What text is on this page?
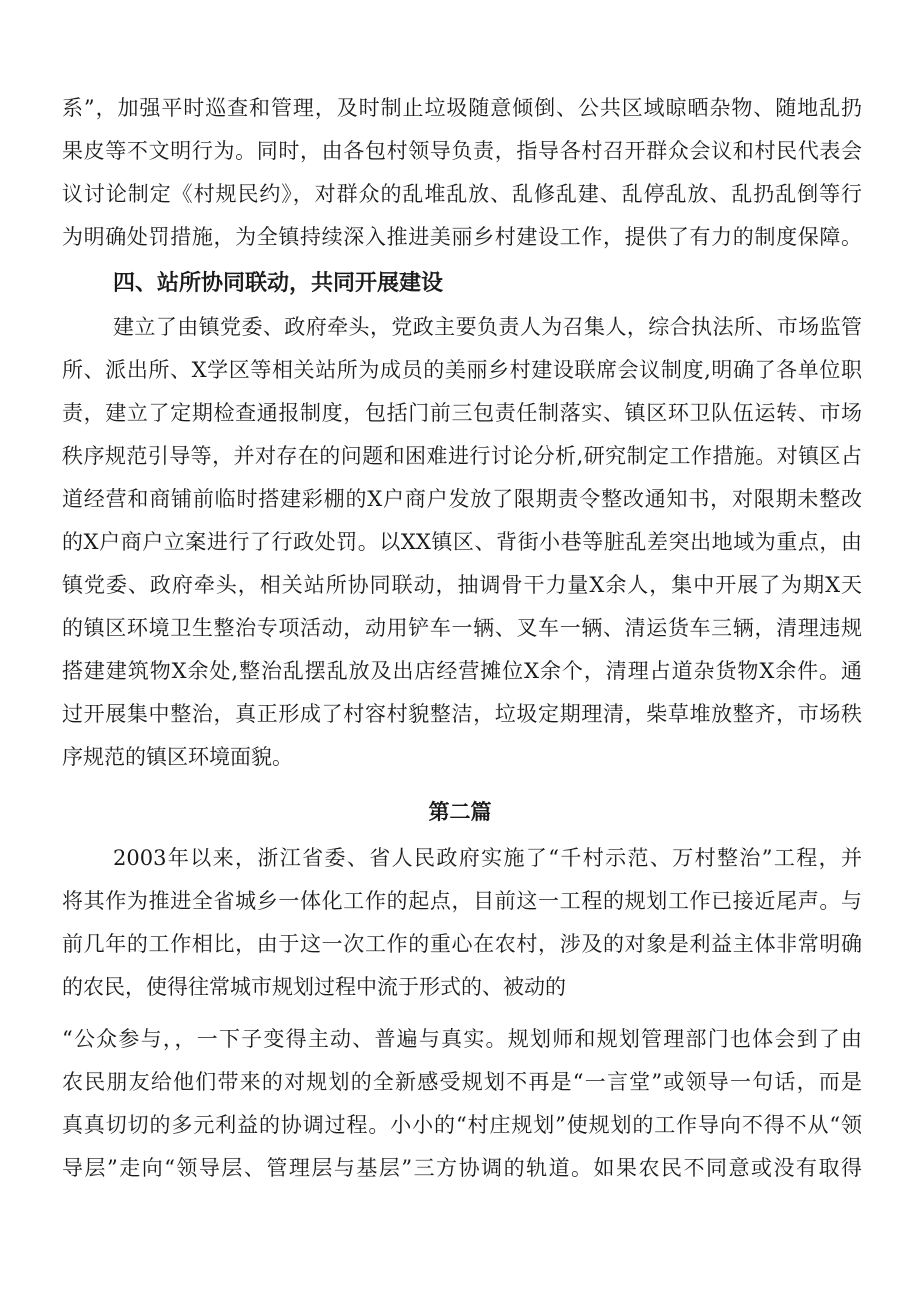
系”，加强平时巡查和管理，及时制止垃圾随意倾倒、公共区域晾晒杂物、随地乱扔
果皮等不文明行为。同时，由各包村领导负责，指导各村召开群众会议和村民代表会
议讨论制定《村规民约》，对群众的乱堆乱放、乱修乱建、乱停乱放、乱扔乱倒等行
为明确处罚措施，为全镇持续深入推进美丽乡村建设工作，提供了有力的制度保障。
四、站所协同联动，共同开展建设
建立了由镇党委、政府牵头，党政主要负责人为召集人，综合执法所、市场监管
所、派出所、X学区等相关站所为成员的美丽乡村建设联席会议制度,明确了各单位职
责，建立了定期检查通报制度，包括门前三包责任制落实、镇区环卫队伍运转、市场
秩序规范引导等，并对存在的问题和困难进行讨论分析,研究制定工作措施。对镇区占
道经营和商铺前临时搭建彩棚的X户商户发放了限期责令整改通知书，对限期未整改
的X户商户立案进行了行政处罚。以XX镇区、背街小巷等脏乱差突出地域为重点，由
镇党委、政府牵头，相关站所协同联动，抽调骨干力量X余人，集中开展了为期X天
的镇区环境卫生整治专项活动，动用铲车一辆、叉车一辆、清运货车三辆，清理违规
搭建建筑物X余处,整治乱摆乱放及出店经营摊位X余个，清理占道杂货物X余件。通
过开展集中整治，真正形成了村容村貌整洁，垃圾定期理清，柴草堆放整齐，市场秩
序规范的镇区环境面貌。
第二篇
2003年以来，浙江省委、省人民政府实施了“千村示范、万村整治”工程，并
将其作为推进全省城乡一体化工作的起点，目前这一工程的规划工作已接近尾声。与
前几年的工作相比，由于这一次工作的重心在农村，涉及的对象是利益主体非常明确
的农民，使得往常城市规划过程中流于形式的、被动的
“公众参与，，一下子变得主动、普遍与真实。规划师和规划管理部门也体会到了由
农民朋友给他们带来的对规划的全新感受规划不再是“一言堂”或领导一句话，而是
真真切切的多元利益的协调过程。小小的“村庄规划”使规划的工作导向不得不从“领
导层”走向“领导层、管理层与基层”三方协调的轨道。如果农民不同意或没有取得
